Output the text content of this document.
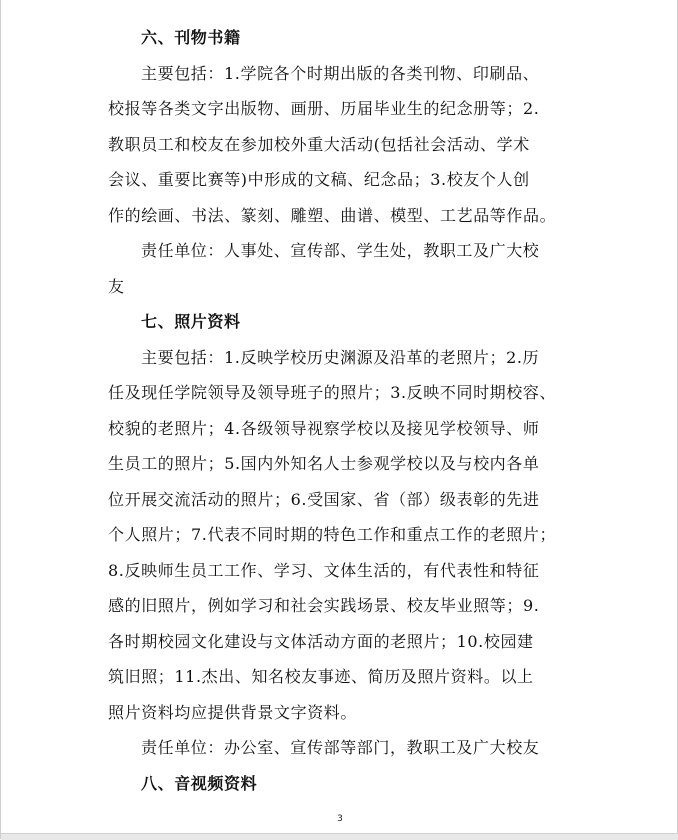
六、刊物书籍
主要包括：1.学院各个时期出版的各类刊物、印刷品、
校报等各类文字出版物、画册、历届毕业生的纪念册等；2.
教职员工和校友在参加校外重大活动(包括社会活动、学术
会议、重要比赛等)中形成的文稿、纪念品；3.校友个人创
作的绘画、书法、篆刻、雕塑、曲谱、模型、工艺品等作品。
责任单位：人事处、宣传部、学生处，教职工及广大校
友
七、照片资料
主要包括：1.反映学校历史渊源及沿革的老照片；2.历
任及现任学院领导及领导班子的照片；3.反映不同时期校容、
校貌的老照片；4.各级领导视察学校以及接见学校领导、师
生员工的照片；5.国内外知名人士参观学校以及与校内各单
位开展交流活动的照片；6.受国家、省（部）级表彰的先进
个人照片；7.代表不同时期的特色工作和重点工作的老照片；
8.反映师生员工工作、学习、文体生活的，有代表性和特征
感的旧照片，例如学习和社会实践场景、校友毕业照等；9.
各时期校园文化建设与文体活动方面的老照片；10.校园建
筑旧照；11.杰出、知名校友事迹、简历及照片资料。以上
照片资料均应提供背景文字资料。
责任单位：办公室、宣传部等部门，教职工及广大校友
八、音视频资料
3
